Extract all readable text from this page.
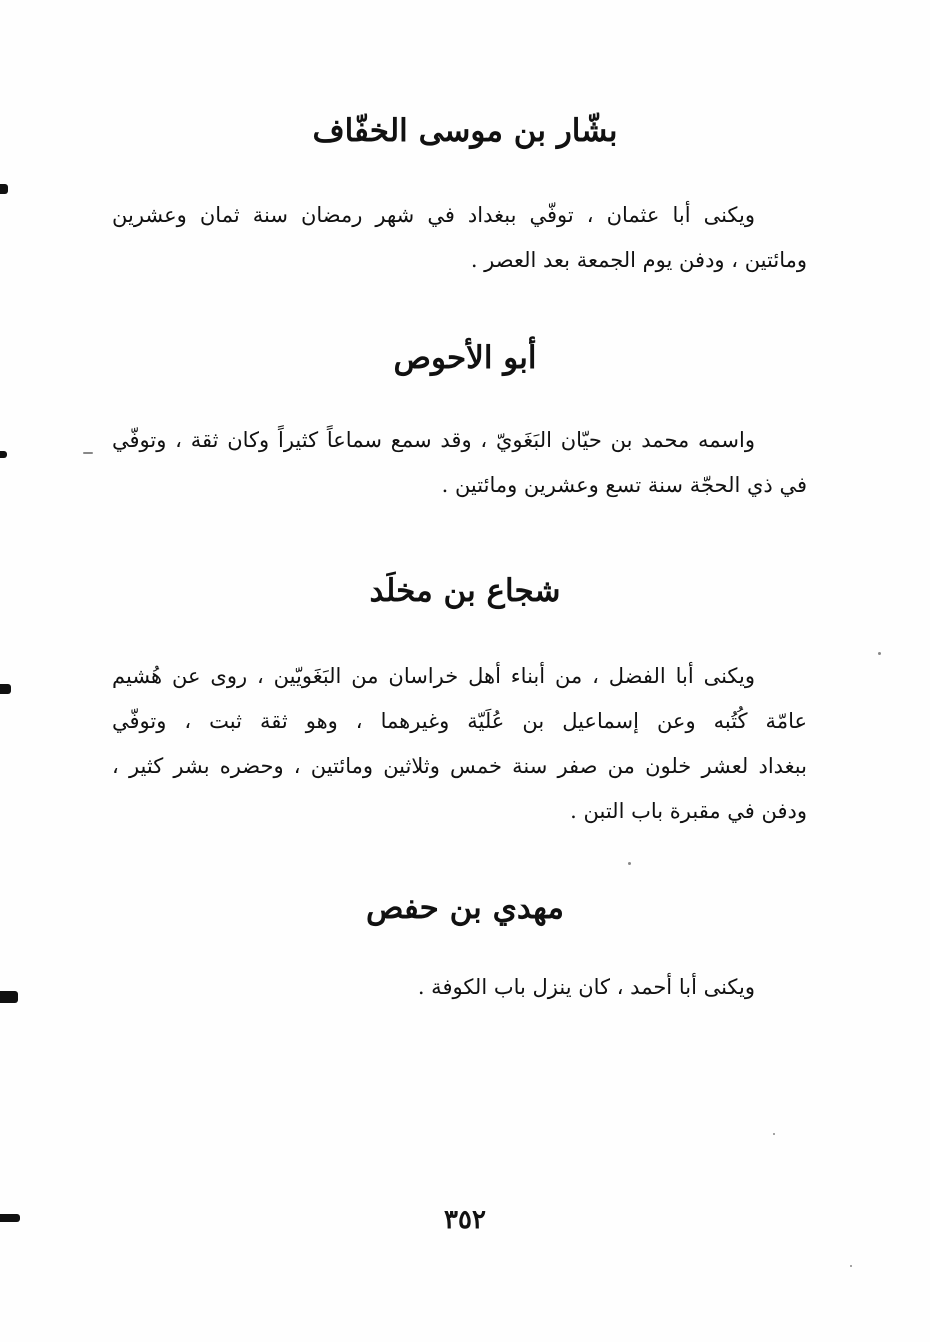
بشّار بن موسى الخفّاف
ويكنى أبا عثمان ، توفّي ببغداد في شهر رمضان سنة ثمان وعشرين
ومائتين ، ودفن يوم الجمعة بعد العصر .
أبو الأحوص
واسمه محمد بن حيّان البَغَويّ ، وقد سمع سماعاً كثيراً وكان ثقة ، وتوفّي
في ذي الحجّة سنة تسع وعشرين ومائتين .
شجاع بن مخلَد
ويكنى أبا الفضل ، من أبناء أهل خراسان من البَغَويّين ، روى عن هُشيم
عامّة كُتُبه وعن إسماعيل بن عُلَيّة وغيرهما ، وهو ثقة ثبت ، وتوفّي
ببغداد لعشر خلون من صفر سنة خمس وثلاثين ومائتين ، وحضره بشر كثير ،
ودفن في مقبرة باب التبن .
مهدي بن حفص
ويكنى أبا أحمد ، كان ينزل باب الكوفة .
٣٥٢
